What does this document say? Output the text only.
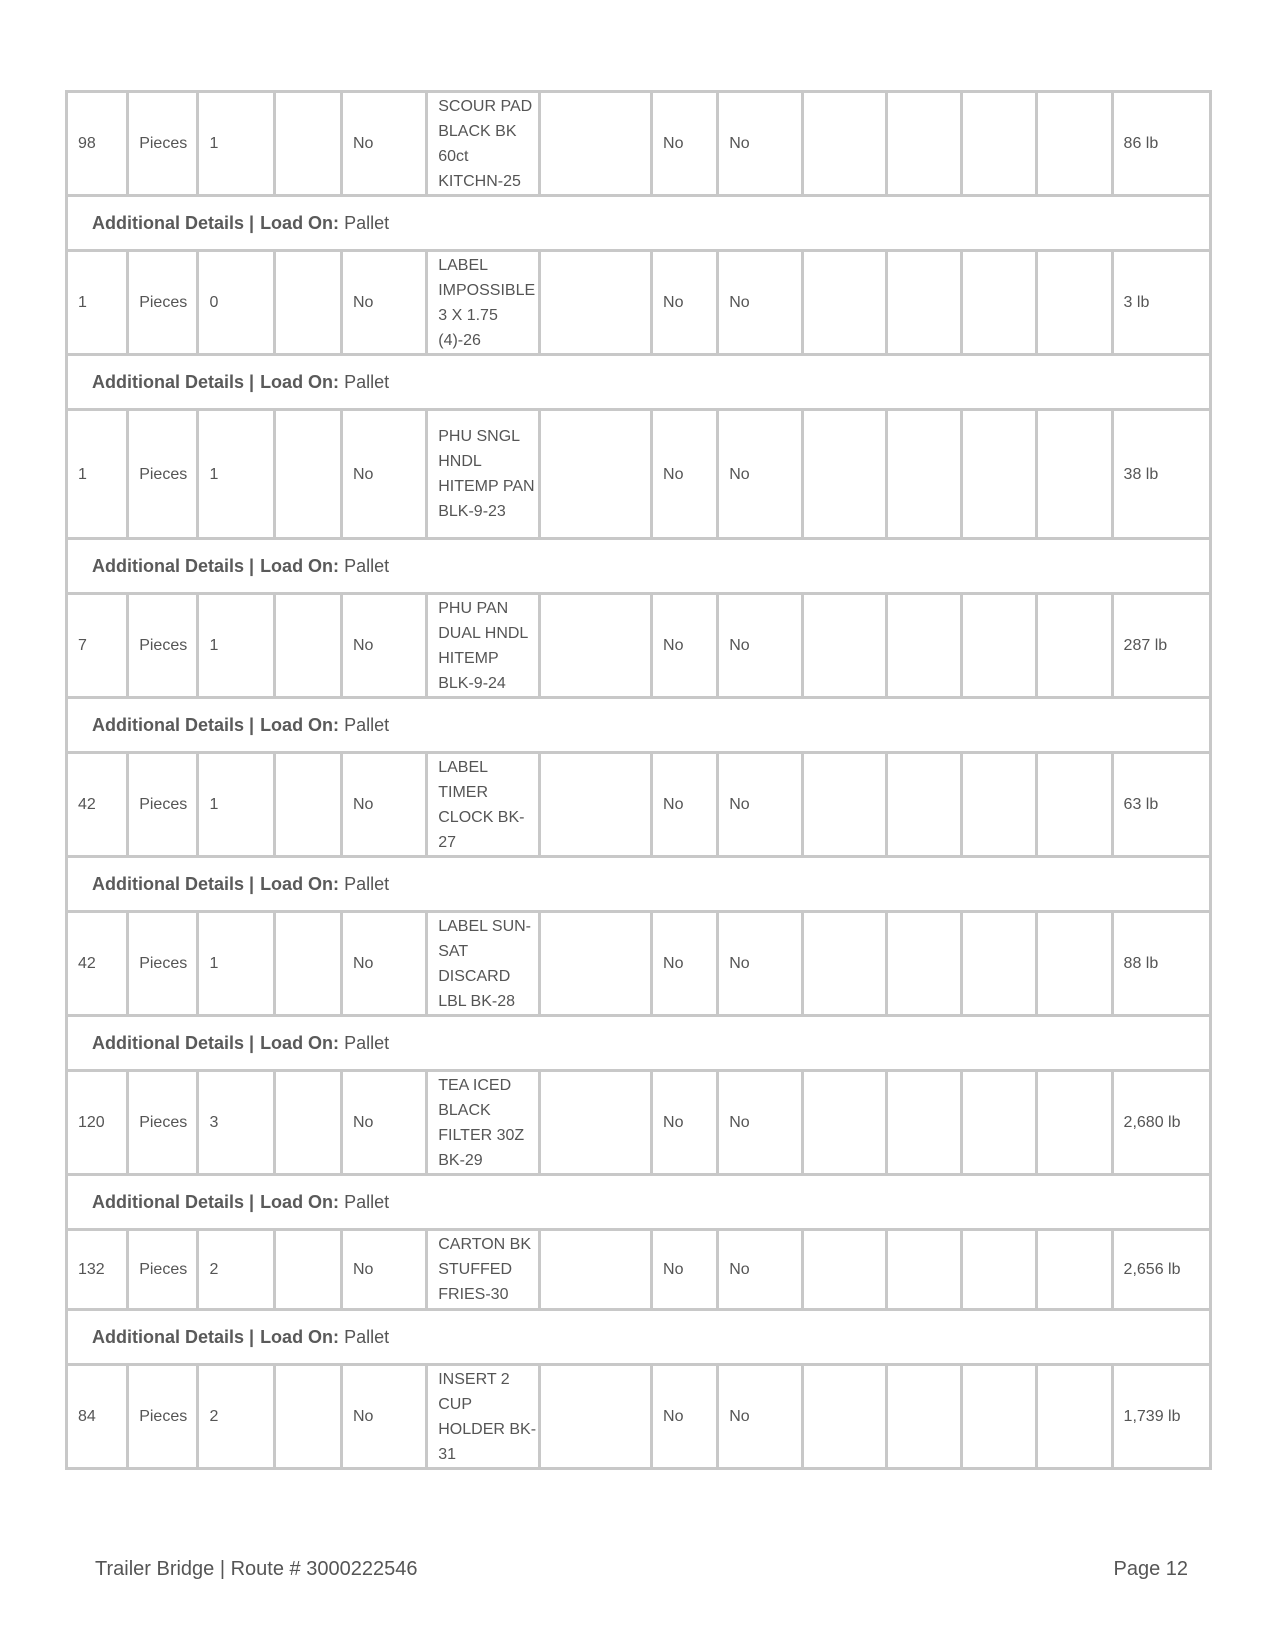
98	Pieces	1		No	SCOUR PAD BLACK BK 60ct KITCHN-25		No	No					86 lb
Additional Details | Load On: Pallet													
1	Pieces	0		No	LABEL IMPOSSIBLE 3 X 1.75 (4)-26		No	No					3 lb
Additional Details | Load On: Pallet													
1	Pieces	1		No	PHU SNGL HNDL HITEMP PAN BLK-9-23		No	No					38 lb
Additional Details | Load On: Pallet													
7	Pieces	1		No	PHU PAN DUAL HNDL HITEMP BLK-9-24		No	No					287 lb
Additional Details | Load On: Pallet													
42	Pieces	1		No	LABEL TIMER CLOCK BK-27		No	No					63 lb
Additional Details | Load On: Pallet													
42	Pieces	1		No	LABEL SUN-SAT DISCARD LBL BK-28		No	No					88 lb
Additional Details | Load On: Pallet													
120	Pieces	3		No	TEA ICED BLACK FILTER 30Z BK-29		No	No					2,680 lb
Additional Details | Load On: Pallet													
132	Pieces	2		No	CARTON BK STUFFED FRIES-30		No	No					2,656 lb
Additional Details | Load On: Pallet													
84	Pieces	2		No	INSERT 2 CUP HOLDER BK-31		No	No					1,739 lb
Trailer Bridge | Route # 3000222546	Page 12
